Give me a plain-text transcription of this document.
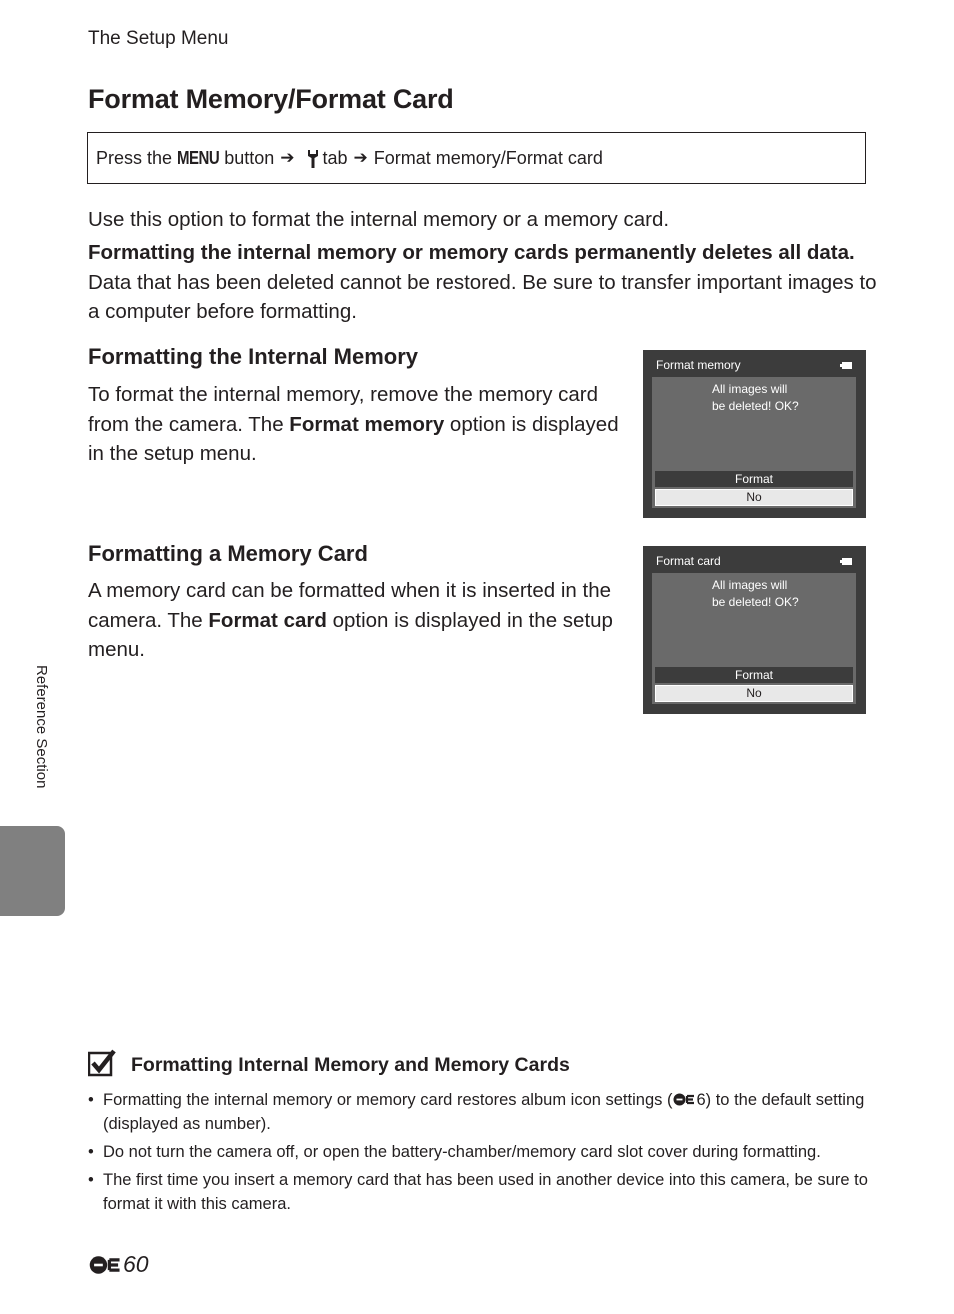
The Setup Menu
Format Memory/Format Card
Press the MENU button ➔ tab ➔ Format memory/Format card

Use this option to format the internal memory or a memory card.

Formatting the internal memory or memory cards permanently deletes all data. Data that has been deleted cannot be restored. Be sure to transfer important images to a computer before formatting.

Formatting the Internal Memory

To format the internal memory, remove the memory card from the camera. The Format memory option is displayed in the setup menu.

Format memory
All images will
be deleted! OK?
Format
No
Formatting a Memory Card

A memory card can be formatted when it is inserted in the camera. The Format card option is displayed in the setup menu.

Format card
All images will
be deleted! OK?
Format
No
Reference Section
Formatting Internal Memory and Memory Cards
• Formatting the internal memory or memory card restores album icon settings ( 6) to the default setting (displayed as number).
• Do not turn the camera off, or open the battery-chamber/memory card slot cover during formatting.
• The first time you insert a memory card that has been used in another device into this camera, be sure to format it with this camera.
60
